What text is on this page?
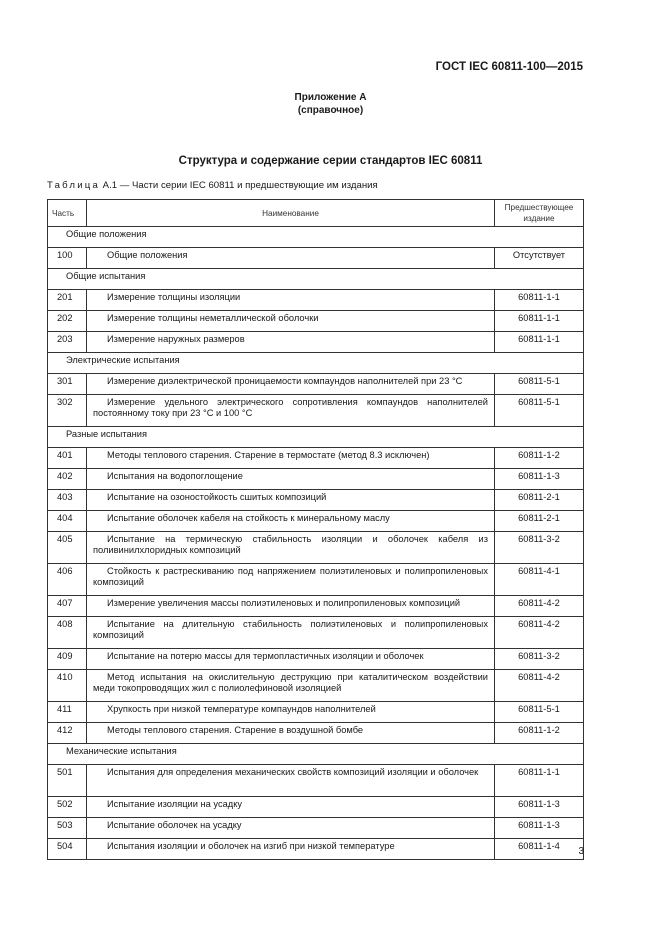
ГОСТ IEC 60811-100—2015
Приложение А
(справочное)
Структура и содержание серии стандартов IEC 60811
Таблица А.1 — Части серии IEC 60811 и предшествующие им издания
Часть	Наименование	Предшествующее издание
Общие положения		
100	Общие положения	Отсутствует
Общие испытания		
201	Измерение толщины изоляции	60811-1-1
202	Измерение толщины неметаллической оболочки	60811-1-1
203	Измерение наружных размеров	60811-1-1
Электрические испытания		
301	Измерение диэлектрической проницаемости компаундов наполнителей при 23 °С	60811-5-1
302	Измерение удельного электрического сопротивления компаундов наполнителей постоянному току при 23 °С и 100 °С	60811-5-1
Разные испытания		
401	Методы теплового старения. Старение в термостате (метод 8.3 исключен)	60811-1-2
402	Испытания на водопоглощение	60811-1-3
403	Испытание на озоностойкость сшитых композиций	60811-2-1
404	Испытание оболочек кабеля на стойкость к минеральному маслу	60811-2-1
405	Испытание на термическую стабильность изоляции и оболочек кабеля из поливинилхлоридных композиций	60811-3-2
406	Стойкость к растрескиванию под напряжением полиэтиленовых и полипропиленовых композиций	60811-4-1
407	Измерение увеличения массы полиэтиленовых и полипропиленовых композиций	60811-4-2
408	Испытание на длительную стабильность полиэтиленовых и полипропиленовых композиций	60811-4-2
409	Испытание на потерю массы для термопластичных изоляции и оболочек	60811-3-2
410	Метод испытания на окислительную деструкцию при каталитическом воздействии меди токопроводящих жил с полиолефиновой изоляцией	60811-4-2
411	Хрупкость при низкой температуре компаундов наполнителей	60811-5-1
412	Методы теплового старения. Старение в воздушной бомбе	60811-1-2
Механические испытания		
501	Испытания для определения механических свойств композиций изоляции и оболочек	60811-1-1
502	Испытание изоляции на усадку	60811-1-3
503	Испытание оболочек на усадку	60811-1-3
504	Испытания изоляции и оболочек на изгиб при низкой температуре	60811-1-4 3
